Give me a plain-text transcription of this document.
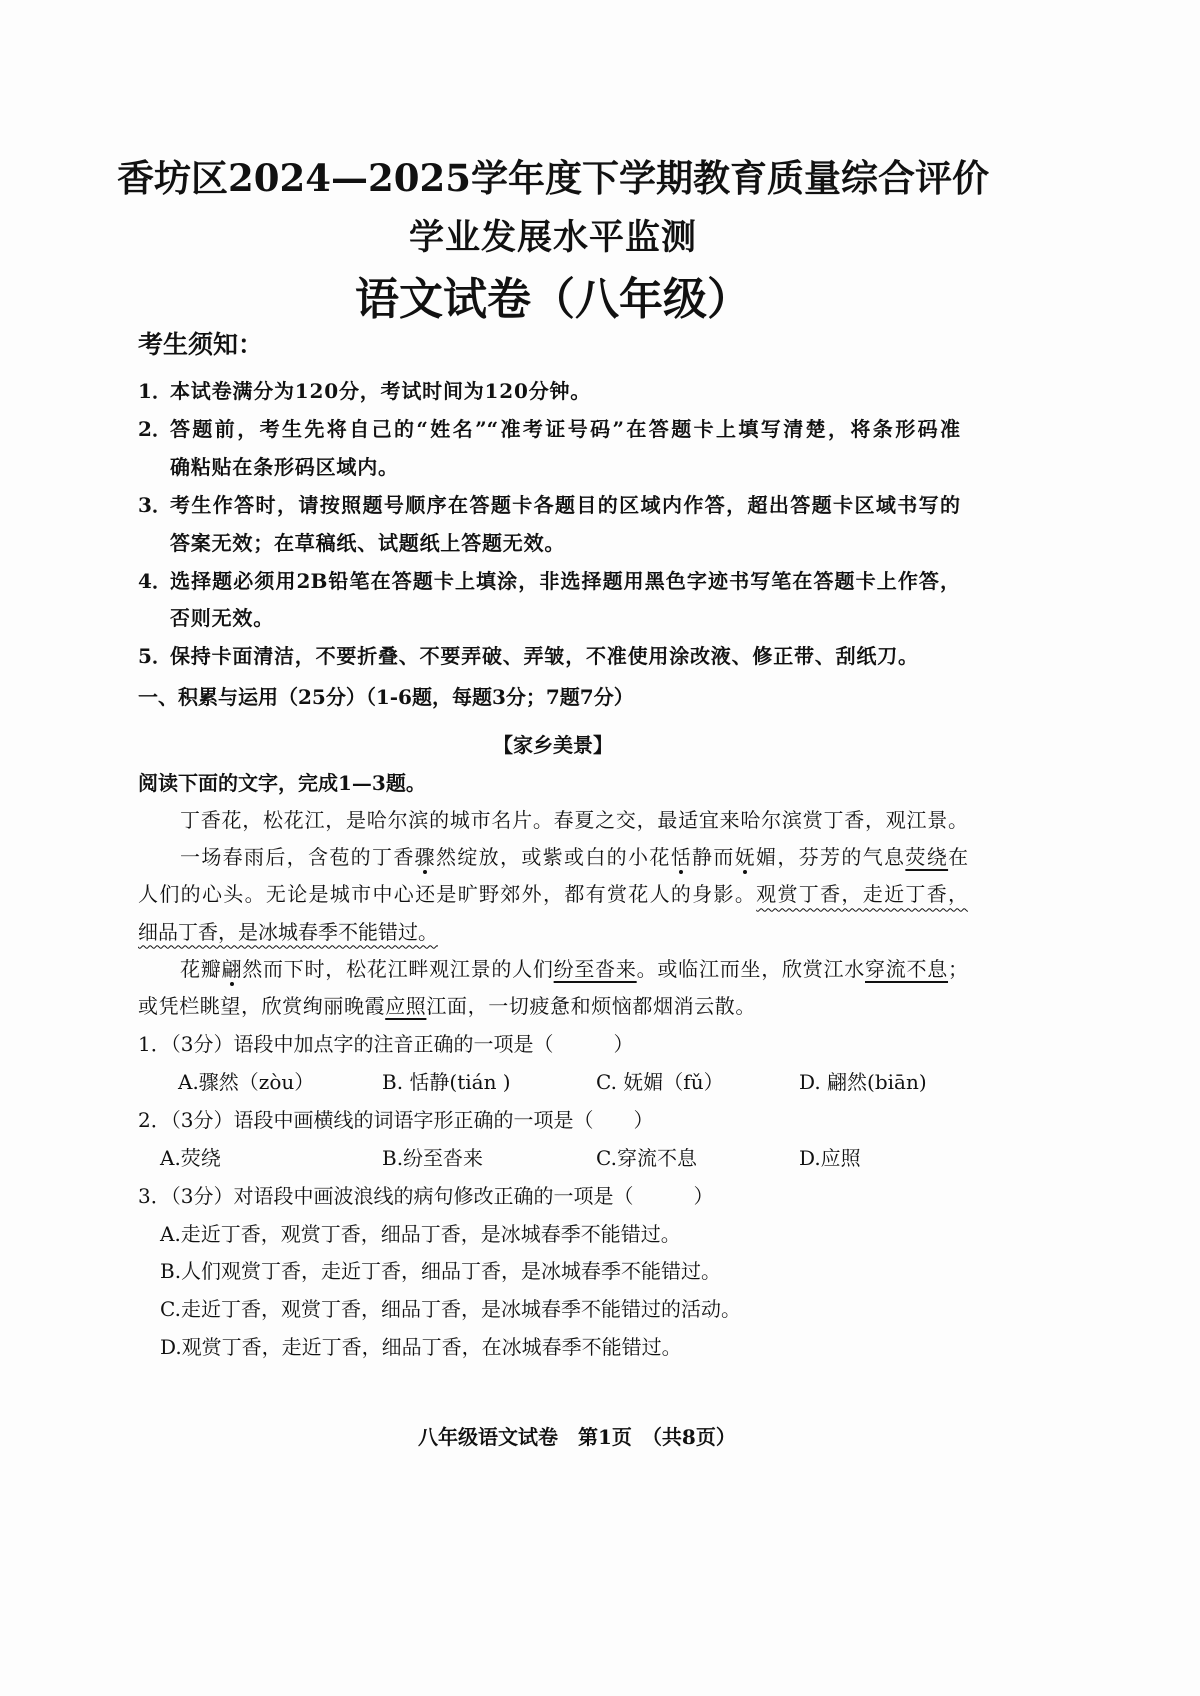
香坊区2024—2025学年度下学期教育质量综合评价
学业发展水平监测
语文试卷（八年级）
考生须知：
1．
本试卷满分为120分，考试时间为120分钟。
2．
答题前，考生先将自己的“姓名”“准考证号码”在答题卡上填写清楚，将条形码准
确粘贴在条形码区域内。
3．
考生作答时，请按照题号顺序在答题卡各题目的区域内作答，超出答题卡区域书写的
答案无效；在草稿纸、试题纸上答题无效。
4．
选择题必须用2B铅笔在答题卡上填涂，非选择题用黑色字迹书写笔在答题卡上作答，
否则无效。
5．
保持卡面清洁，不要折叠、不要弄破、弄皱，不准使用涂改液、修正带、刮纸刀。
一、积累与运用（25分）（1-6题，每题3分；7题7分）
【家乡美景】
阅读下面的文字，完成1—3题。
丁香花，松花江，是哈尔滨的城市名片。春夏之交，最适宜来哈尔滨赏丁香，观江景。
一场春雨后，含苞的丁香骤然绽放，或紫或白的小花恬静而妩媚，芬芳的气息荧绕在
人们的心头。无论是城市中心还是旷野郊外，都有赏花人的身影。观赏丁香，走近丁香，
细品丁香，是冰城春季不能错过。
花瓣翩然而下时，松花江畔观江景的人们纷至沓来。或临江而坐，欣赏江水穿流不息；
或凭栏眺望，欣赏绚丽晚霞应照江面，一切疲惫和烦恼都烟消云散。
1．（3分）语段中加点字的注音正确的一项是（　　　）
A.骤然（zòu）	B. 恬静(tián )	C. 妩媚（fǔ）	D. 翩然(biān)
2．（3分）语段中画横线的词语字形正确的一项是（　　）
A.荧绕	B.纷至沓来	C.穿流不息	D.应照
3．（3分）对语段中画波浪线的病句修改正确的一项是（　　　）
A.走近丁香，观赏丁香，细品丁香，是冰城春季不能错过。
B.人们观赏丁香，走近丁香，细品丁香，是冰城春季不能错过。
C.走近丁香，观赏丁香，细品丁香，是冰城春季不能错过的活动。
D.观赏丁香，走近丁香，细品丁香，在冰城春季不能错过。
八年级语文试卷　第1页　（共8页）
